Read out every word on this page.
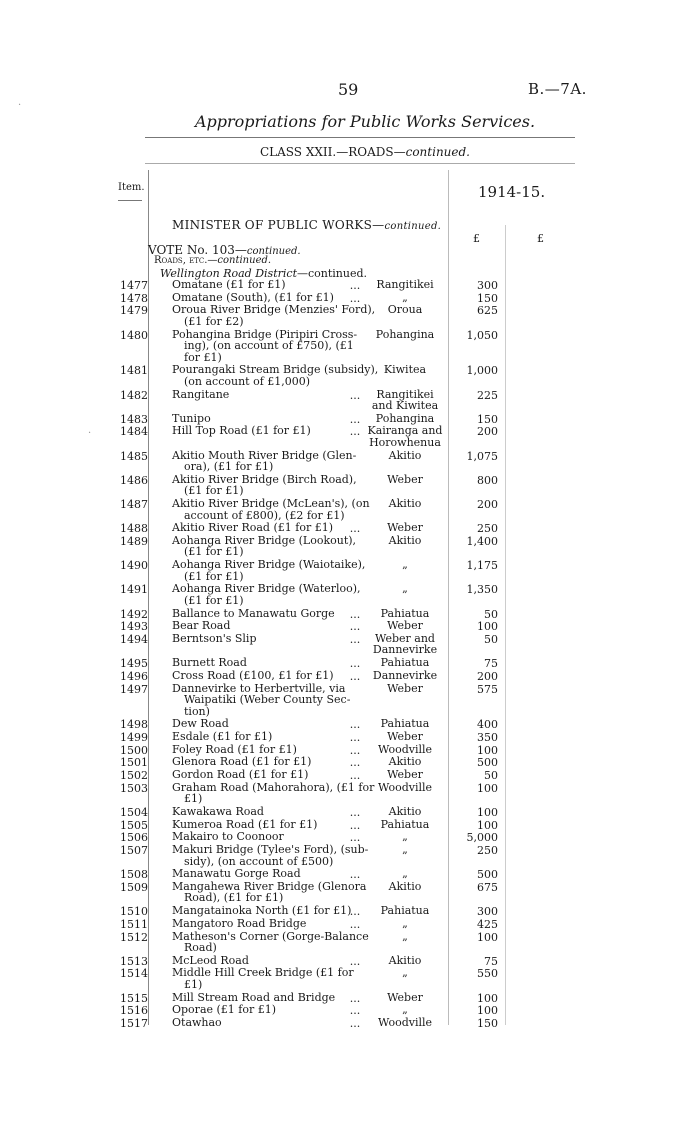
59	B.—7A.
Appropriations for Public Works Services.
CLASS XXII.—ROADS—continued.
Item.	1914-15.
MINISTER OF PUBLIC WORKS—continued.
£	£
VOTE No. 103—continued.
Roads, etc.—continued.
Wellington Road District—continued.
1477 Omatane (£1 for £1)	...	Rangitikei	300
1478 Omatane (South), (£1 for £1)	...	„	150
1479 Oroua River Bridge (Menzies' Ford),
(£1 for £2)
Oroua	625
1480 Pohangina Bridge (Piripiri Cross-
ing), (on account of £750), (£1
for £1)
Pohangina	1,050
1481 Pourangaki Stream Bridge (subsidy),
(on account of £1,000)
Kiwitea	1,000
1482 Rangitane	...	Rangitikei
and Kiwitea
225
1483 Tunipo	...	Pohangina	150
1484 Hill Top Road (£1 for £1)	... Kairanga and
Horowhenua
200
1485 Akitio Mouth River Bridge (Glen-
ora), (£1 for £1)
Akitio	1,075
1486 Akitio River Bridge (Birch Road),
(£1 for £1)
Weber	800
1487 Akitio River Bridge (McLean's), (on
account of £800), (£2 for £1)
Akitio	200
1488 Akitio River Road (£1 for £1)	...	Weber	250
1489 Aohanga River Bridge (Lookout),
(£1 for £1)
Akitio	1,400
1490 Aohanga River Bridge (Waiotaike),
(£1 for £1)
„	1,175
1491 Aohanga River Bridge (Waterloo),
(£1 for £1)
„	1,350
1492 Ballance to Manawatu Gorge	...	Pahiatua	50
1493 Bear Road	...	Weber	100
1494 Berntson's Slip	...	Weber and
Dannevirke
50
1495 Burnett Road	...	Pahiatua	75
1496 Cross Road (£100, £1 for £1)	...	Dannevirke	200
1497 Dannevirke to Herbertville, via
Waipatiki (Weber County Sec-
tion)
Weber	575
1498 Dew Road	...	Pahiatua	400
1499 Esdale (£1 for £1)	...	Weber	350
1500 Foley Road (£1 for £1)	...	Woodville	100
1501 Glenora Road (£1 for £1)	...	Akitio	500
1502 Gordon Road (£1 for £1)	...	Weber	50
1503 Graham Road (Mahorahora), (£1 for
£1)
Woodville	100
1504 Kawakawa Road	...	Akitio	100
1505 Kumeroa Road (£1 for £1)	...	Pahiatua	100
1506 Makairo to Coonoor	...	„	5,000
1507 Makuri Bridge (Tylee's Ford), (sub-
sidy), (on account of £500)
„	250
1508 Manawatu Gorge Road	...	„	500
1509 Mangahewa River Bridge (Glenora
Road), (£1 for £1)
Akitio	675
1510 Mangatainoka North (£1 for £1)
...	Pahiatua	300
1511 Mangatoro Road Bridge	...	„	425
1512 Matheson's Corner (Gorge-Balance
Road)
„	100
1513 McLeod Road	...	Akitio	75
1514 Middle Hill Creek Bridge (£1 for
£1)
„	550
1515 Mill Stream Road and Bridge	...	Weber	100
1516 Oporae (£1 for £1)	...	„	100
1517 Otawhao	...	Woodville	150
·
·
